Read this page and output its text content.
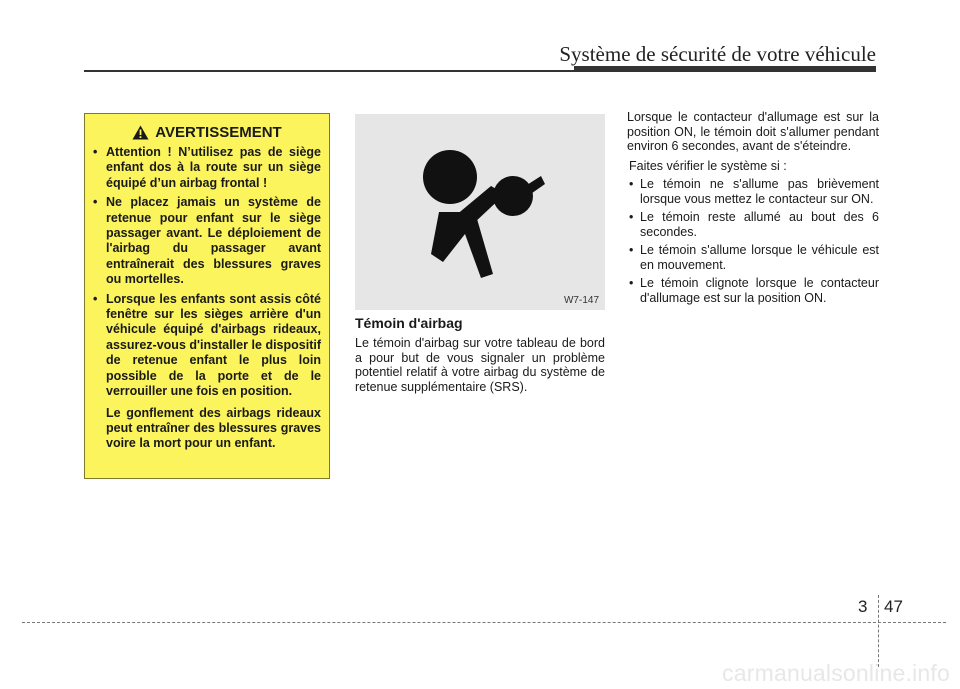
Système de sécurité de votre véhicule
AVERTISSEMENT

• Attention ! N’utilisez pas de siège enfant dos à la route sur un siège équipé d’un airbag frontal !

• Ne placez jamais un système de retenue pour enfant sur le siège passager avant. Le déploiement de l'airbag du passager avant entraînerait des blessures graves ou mortelles.

• Lorsque les enfants sont assis côté fenêtre sur les sièges arrière d'un véhicule équipé d'airbags rideaux, assurez-vous d'installer le dispositif de retenue enfant le plus loin possible de la porte et de le verrouiller une fois en position.

Le gonflement des airbags rideaux peut entraîner des blessures graves voire la mort pour un enfant.

W7-147
Témoin d'airbag

Le témoin d'airbag sur votre tableau de bord a pour but de vous signaler un problème potentiel relatif à votre airbag du système de retenue supplémentaire (SRS).

Lorsque le contacteur d'allumage est sur la position ON, le témoin doit s'allumer pendant environ 6 secondes, avant de s'éteindre.

Faites vérifier le système si :

• Le témoin ne s'allume pas brièvement lorsque vous mettez le contacteur sur ON.
• Le témoin reste allumé au bout des 6 secondes.
• Le témoin s'allume lorsque le véhicule est en mouvement.
• Le témoin clignote lorsque le contacteur d'allumage est sur la position ON.
3 47
carmanualsonline.info
